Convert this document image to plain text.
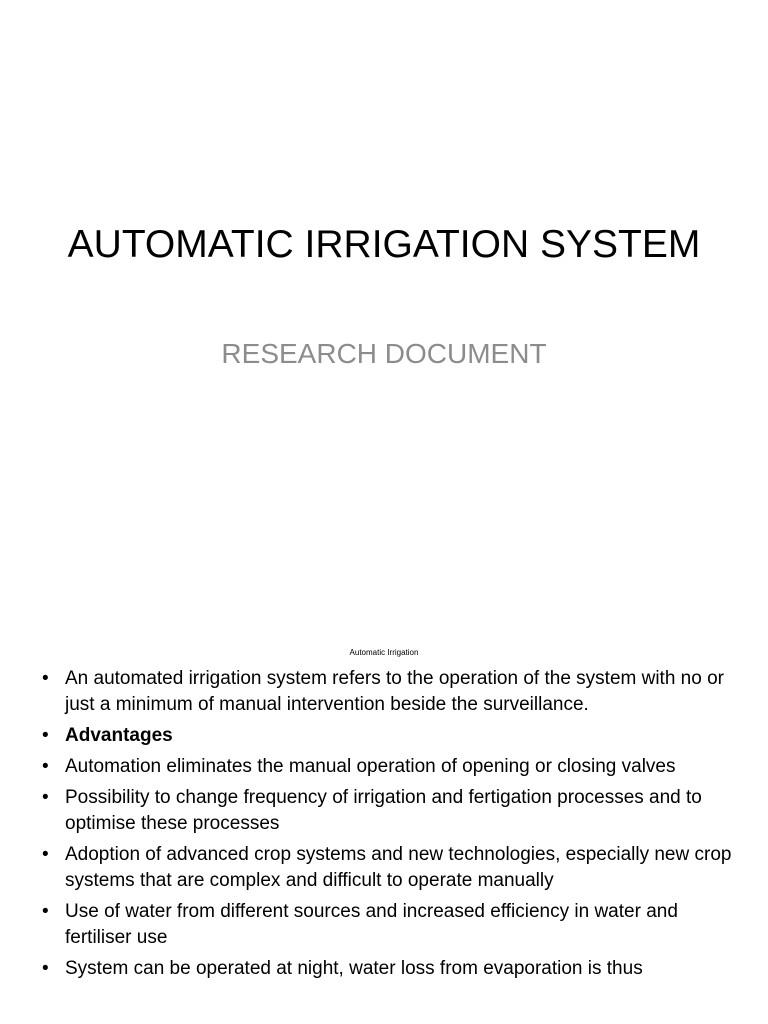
AUTOMATIC IRRIGATION SYSTEM
RESEARCH DOCUMENT
Automatic Irrigation
• An automated irrigation system refers to the operation of the system with no or just a minimum of manual intervention beside the surveillance.
• Advantages
• Automation eliminates the manual operation of opening or closing valves
• Possibility to change frequency of irrigation and fertigation processes and to optimise these processes
• Adoption of advanced crop systems and new technologies, especially new crop systems that are complex and difficult to operate manually
• Use of water from different sources and increased efficiency in water and fertiliser use
• System can be operated at night, water loss from evaporation is thus
